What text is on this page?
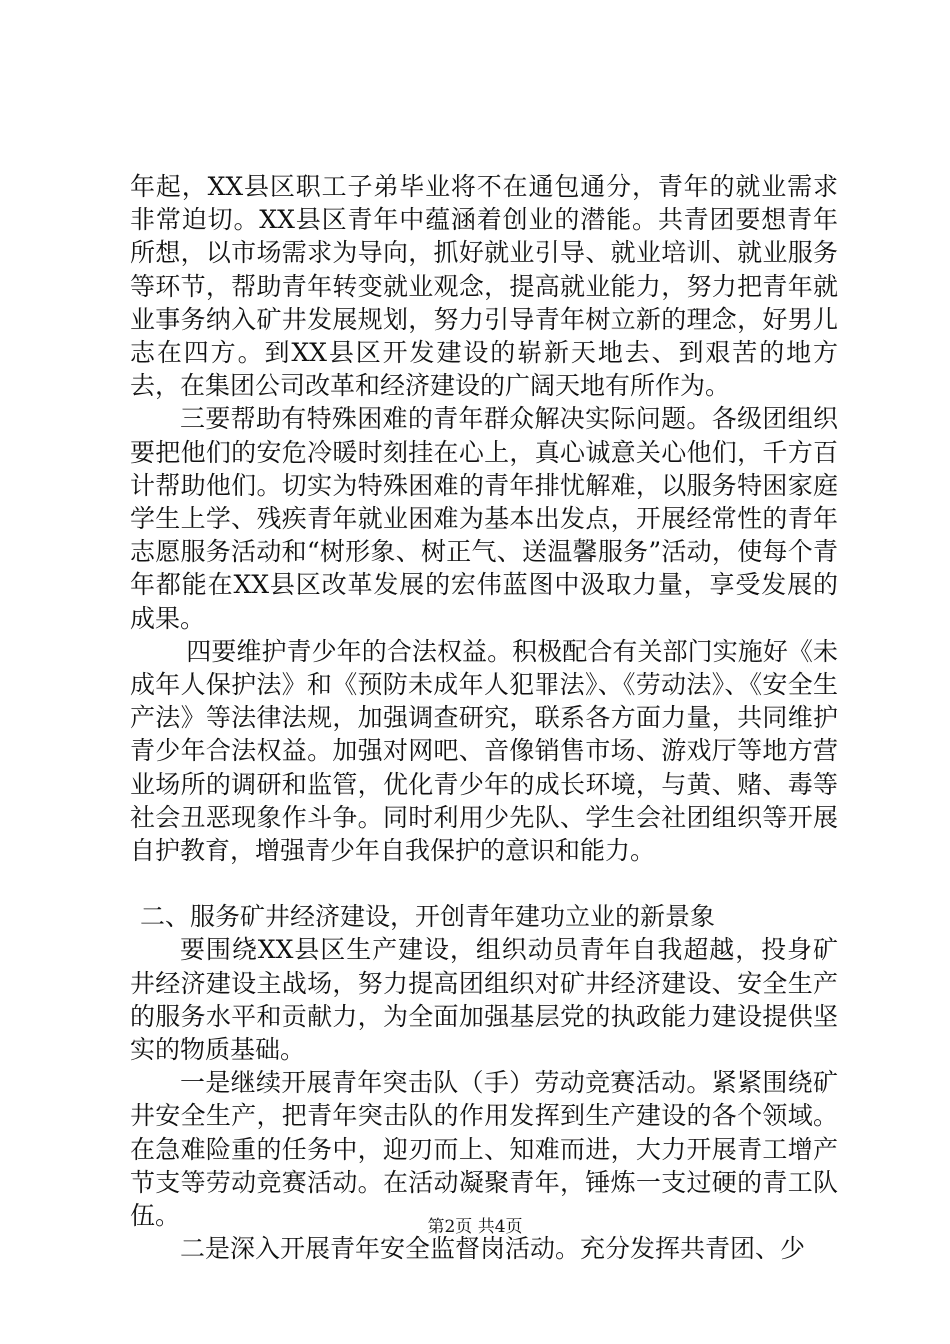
年起，XX县区职工子弟毕业将不在通包通分，青年的就业需求非常迫切。XX县区青年中蕴涵着创业的潜能。共青团要想青年所想，以市场需求为导向，抓好就业引导、就业培训、就业服务等环节，帮助青年转变就业观念，提高就业能力，努力把青年就业事务纳入矿井发展规划，努力引导青年树立新的理念，好男儿志在四方。到XX县区开发建设的崭新天地去、到艰苦的地方去，在集团公司改革和经济建设的广阔天地有所作为。

三要帮助有特殊困难的青年群众解决实际问题。各级团组织要把他们的安危冷暖时刻挂在心上，真心诚意关心他们，千方百计帮助他们。切实为特殊困难的青年排忧解难，以服务特困家庭学生上学、残疾青年就业困难为基本出发点，开展经常性的青年志愿服务活动和“树形象、树正气、送温馨服务”活动，使每个青年都能在XX县区改革发展的宏伟蓝图中汲取力量，享受发展的成果。

四要维护青少年的合法权益。积极配合有关部门实施好《未成年人保护法》和《预防未成年人犯罪法》、《劳动法》、《安全生产法》等法律法规，加强调查研究，联系各方面力量，共同维护青少年合法权益。加强对网吧、音像销售市场、游戏厅等地方营业场所的调研和监管，优化青少年的成长环境，与黄、赌、毒等社会丑恶现象作斗争。同时利用少先队、学生会社团组织等开展自护教育，增强青少年自我保护的意识和能力。

二、服务矿井经济建设，开创青年建功立业的新景象

要围绕XX县区生产建设，组织动员青年自我超越，投身矿井经济建设主战场，努力提高团组织对矿井经济建设、安全生产的服务水平和贡献力，为全面加强基层党的执政能力建设提供坚实的物质基础。

一是继续开展青年突击队（手）劳动竞赛活动。紧紧围绕矿井安全生产，把青年突击队的作用发挥到生产建设的各个领域。在急难险重的任务中，迎刃而上、知难而进，大力开展青工增产节支等劳动竞赛活动。在活动凝聚青年，锤炼一支过硬的青工队伍。

二是深入开展青年安全监督岗活动。充分发挥共青团、少

第2页 共4页
